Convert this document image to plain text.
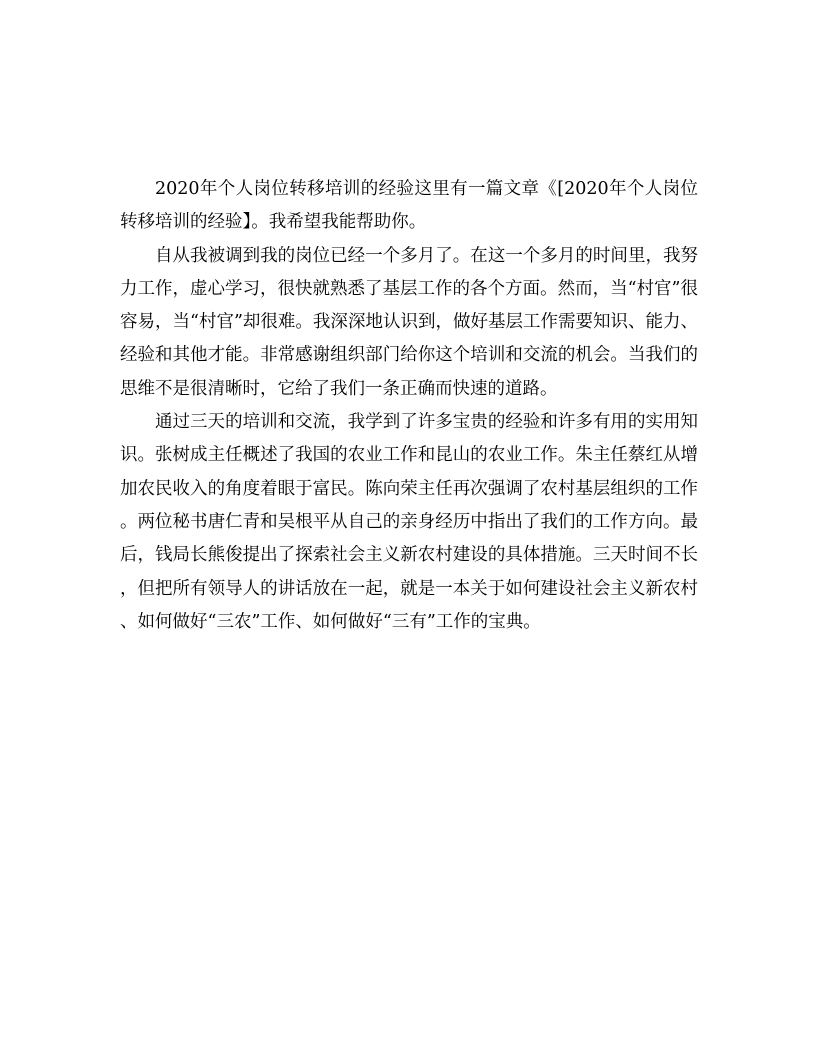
2020年个人岗位转移培训的经验这里有一篇文章《[2020年个人岗位转移培训的经验】。我希望我能帮助你。

自从我被调到我的岗位已经一个多月了。在这一个多月的时间里，我努力工作，虚心学习，很快就熟悉了基层工作的各个方面。然而，当“村官”很容易，当“村官”却很难。我深深地认识到，做好基层工作需要知识、能力、经验和其他才能。非常感谢组织部门给你这个培训和交流的机会。当我们的思维不是很清晰时，它给了我们一条正确而快速的道路。

通过三天的培训和交流，我学到了许多宝贵的经验和许多有用的实用知识。张树成主任概述了我国的农业工作和昆山的农业工作。朱主任蔡红从增加农民收入的角度着眼于富民。陈向荣主任再次强调了农村基层组织的工作。两位秘书唐仁青和吴根平从自己的亲身经历中指出了我们的工作方向。最后，钱局长熊俊提出了探索社会主义新农村建设的具体措施。三天时间不长，但把所有领导人的讲话放在一起，就是一本关于如何建设社会主义新农村、如何做好“三农”工作、如何做好“三有”工作的宝典。
